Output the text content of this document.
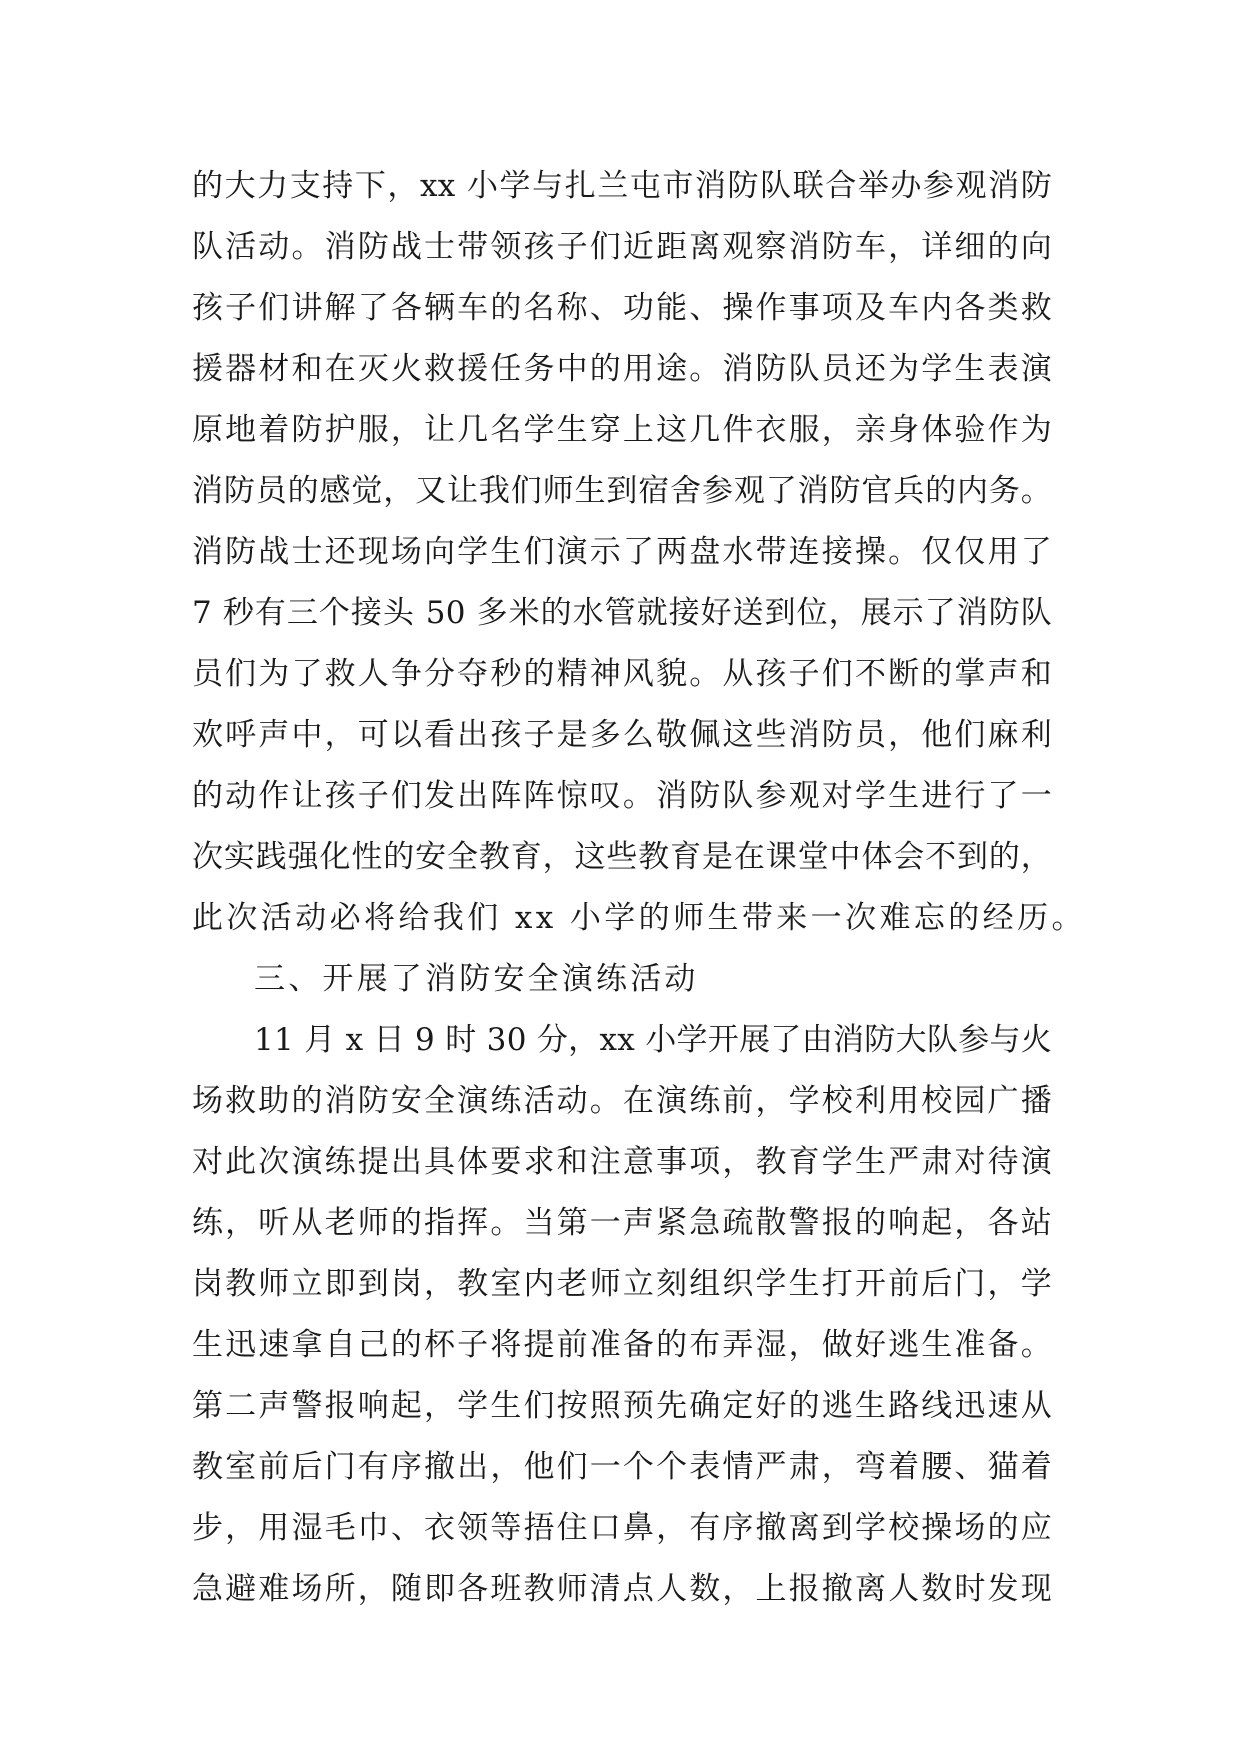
的大力支持下，xx 小学与扎兰屯市消防队联合举办参观消防
队活动。消防战士带领孩子们近距离观察消防车，详细的向
孩子们讲解了各辆车的名称、功能、操作事项及车内各类救
援器材和在灭火救援任务中的用途。消防队员还为学生表演
原地着防护服，让几名学生穿上这几件衣服，亲身体验作为
消防员的感觉，又让我们师生到宿舍参观了消防官兵的内务。
消防战士还现场向学生们演示了两盘水带连接操。仅仅用了
7 秒有三个接头 50 多米的水管就接好送到位，展示了消防队
员们为了救人争分夺秒的精神风貌。从孩子们不断的掌声和
欢呼声中，可以看出孩子是多么敬佩这些消防员，他们麻利
的动作让孩子们发出阵阵惊叹。消防队参观对学生进行了一
次实践强化性的安全教育，这些教育是在课堂中体会不到的，
此次活动必将给我们 xx 小学的师生带来一次难忘的经历。
三、开展了消防安全演练活动
11 月 x 日 9 时 30 分，xx 小学开展了由消防大队参与火
场救助的消防安全演练活动。在演练前，学校利用校园广播
对此次演练提出具体要求和注意事项，教育学生严肃对待演
练，听从老师的指挥。当第一声紧急疏散警报的响起，各站
岗教师立即到岗，教室内老师立刻组织学生打开前后门，学
生迅速拿自己的杯子将提前准备的布弄湿，做好逃生准备。
第二声警报响起，学生们按照预先确定好的逃生路线迅速从
教室前后门有序撤出，他们一个个表情严肃，弯着腰、猫着
步，用湿毛巾、衣领等捂住口鼻，有序撤离到学校操场的应
急避难场所，随即各班教师清点人数，上报撤离人数时发现
